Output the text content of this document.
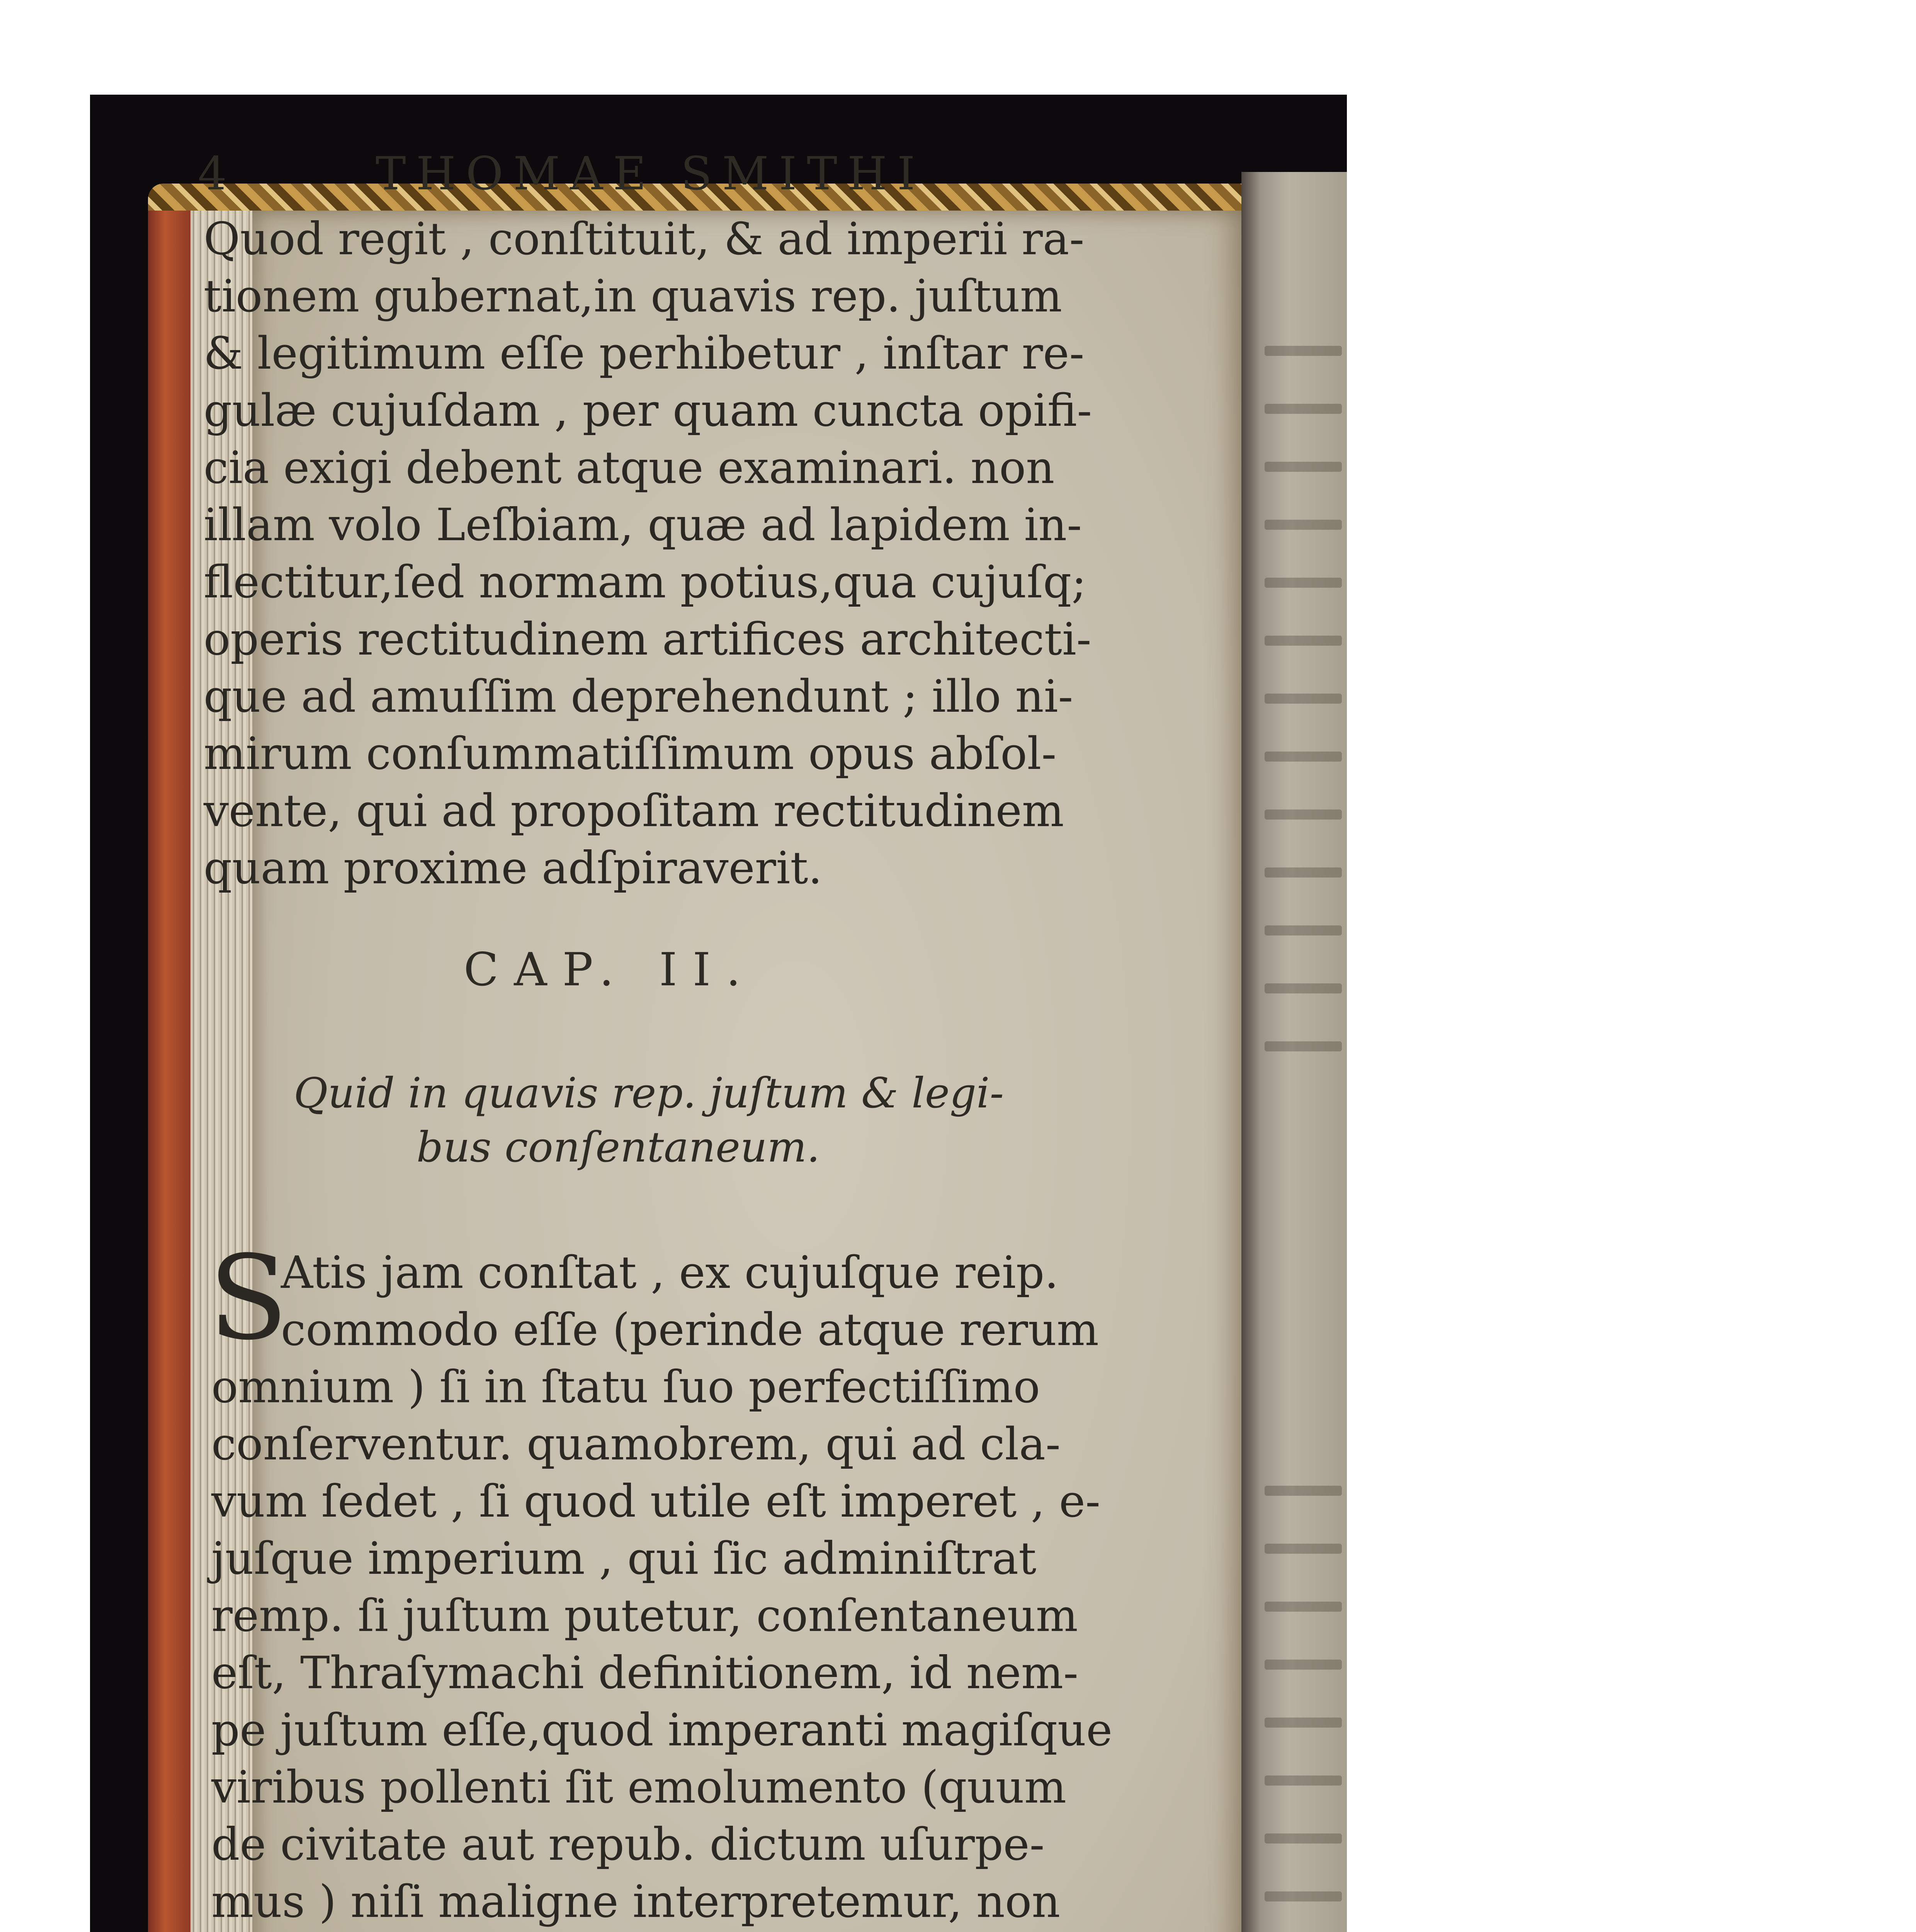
4	THOMAE SMITHI
Quod regit , conſtituit, & ad imperii ra-
tionem gubernat,in quavis rep. juſtum
& legitimum eſſe perhibetur , inſtar re-
gulæ cujuſdam , per quam cuncta opifi-
cia exigi debent atque examinari. non
illam volo Leſbiam, quæ ad lapidem in-
flectitur,ſed normam potius,qua cujuſq;
operis rectitudinem artifices architecti-
que ad amuſſim deprehendunt ; illo ni-
mirum conſummatiſſimum opus abſol-
vente, qui ad propoſitam rectitudinem
quam proxime adſpiraverit.
CAP. II.
Quid in quavis rep. juſtum & legi-
bus conſentaneum.
S
Atis jam conſtat , ex cujuſque reip.
commodo eſſe (perinde atque rerum
omnium ) ſi in ſtatu ſuo perfectiſſimo
conſerventur. quamobrem, qui ad cla-
vum ſedet , ſi quod utile eſt imperet , e-
juſque imperium , qui ſic adminiſtrat
remp. ſi juſtum putetur, conſentaneum
eſt, Thraſymachi definitionem, id nem-
pe juſtum eſſe,quod imperanti magiſque
viribus pollenti ſit emolumento (quum
de civitate aut repub. dictum uſurpe-
mus ) niſi maligne interpretemur, non
